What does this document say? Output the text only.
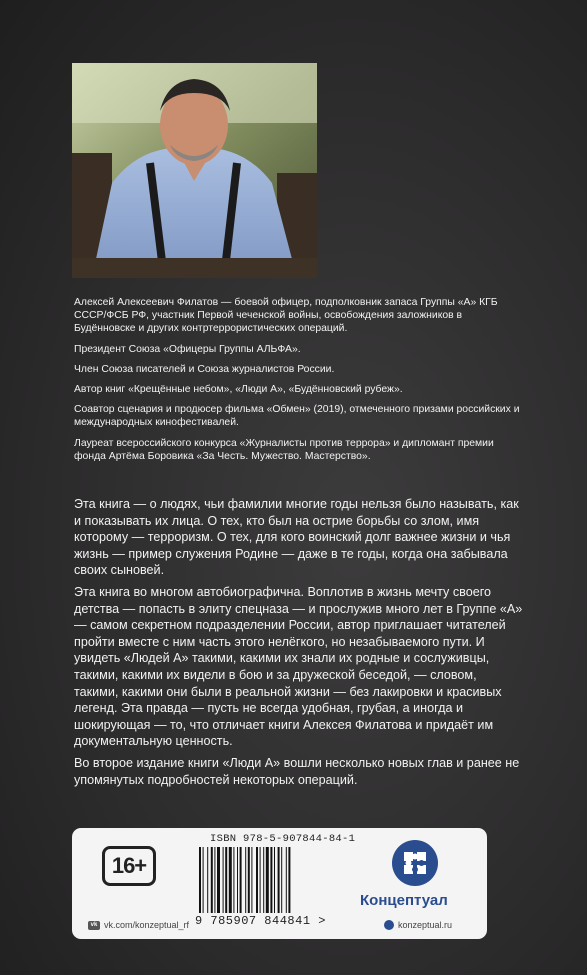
Алексей Алексеевич Филатов — боевой офицер, подполковник запаса Группы «А» КГБ СССР/ФСБ РФ, участник Первой чеченской войны, освобождения заложников в Будённовске и других контртеррористических операций.

Президент Союза «Офицеры Группы АЛЬФА».

Член Союза писателей и Союза журналистов России.

Автор книг «Крещённые небом», «Люди А», «Будённовский рубеж».

Соавтор сценария и продюсер фильма «Обмен» (2019), отмеченного призами российских и международных кинофестивалей.

Лауреат всероссийского конкурса «Журналисты против террора» и дипломант премии фонда Артёма Боровика «За Честь. Мужество. Мастерство».

Эта книга — о людях, чьи фамилии многие годы нельзя было называть, как и показывать их лица. О тех, кто был на острие борьбы со злом, имя которому — терроризм. О тех, для кого воинский долг важнее жизни и чья жизнь — пример служения Родине — даже в те годы, когда она забывала своих сыновей.

Эта книга во многом автобиографична. Воплотив в жизнь мечту своего детства — попасть в элиту спецназа — и прослужив много лет в Группе «А» — самом секретном подразделении России, автор приглашает читателей пройти вместе с ним часть этого нелёгкого, но незабываемого пути. И увидеть «Людей А» такими, какими их знали их родные и сослуживцы, такими, какими их видели в бою и за дружеской беседой, — словом, такими, какими они были в реальной жизни — без лакировки и красивых легенд. Эта правда — пусть не всегда удобная, грубая, а иногда и шокирующая — то, что отличает книги Алексея Филатова и придаёт им документальную ценность.

Во второе издание книги «Люди А» вошли несколько новых глав и ранее не упомянутых подробностей некоторых операций.

16+
ISBN 978-5-907844-84-1
9 785907 844841 >
Концептуал
vk vk.com/konzeptual_rf	konzeptual.ru
